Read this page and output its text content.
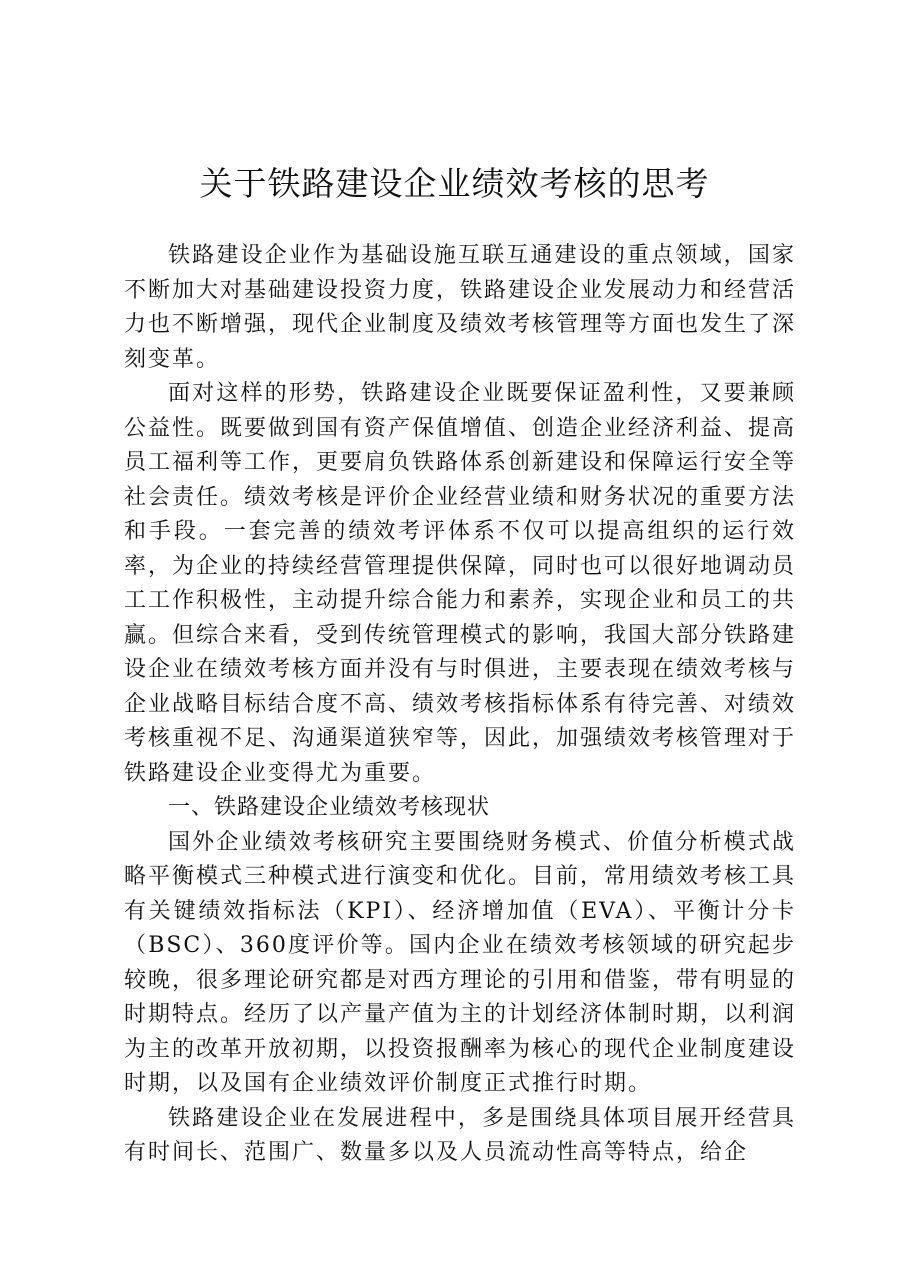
关于铁路建设企业绩效考核的思考

铁路建设企业作为基础设施互联互通建设的重点领域，国家不断加大对基础建设投资力度，铁路建设企业发展动力和经营活力也不断增强，现代企业制度及绩效考核管理等方面也发生了深刻变革。

面对这样的形势，铁路建设企业既要保证盈利性，又要兼顾公益性。既要做到国有资产保值增值、创造企业经济利益、提高员工福利等工作，更要肩负铁路体系创新建设和保障运行安全等社会责任。绩效考核是评价企业经营业绩和财务状况的重要方法和手段。一套完善的绩效考评体系不仅可以提高组织的运行效率，为企业的持续经营管理提供保障，同时也可以很好地调动员工工作积极性，主动提升综合能力和素养，实现企业和员工的共赢。但综合来看，受到传统管理模式的影响，我国大部分铁路建设企业在绩效考核方面并没有与时俱进，主要表现在绩效考核与企业战略目标结合度不高、绩效考核指标体系有待完善、对绩效考核重视不足、沟通渠道狭窄等，因此，加强绩效考核管理对于铁路建设企业变得尤为重要。

一、铁路建设企业绩效考核现状

国外企业绩效考核研究主要围绕财务模式、价值分析模式战略平衡模式三种模式进行演变和优化。目前，常用绩效考核工具有关键绩效指标法（KPI）、经济增加值（EVA）、平衡计分卡（BSC）、360度评价等。国内企业在绩效考核领域的研究起步较晚，很多理论研究都是对西方理论的引用和借鉴，带有明显的时期特点。经历了以产量产值为主的计划经济体制时期，以利润为主的改革开放初期，以投资报酬率为核心的现代企业制度建设时期，以及国有企业绩效评价制度正式推行时期。

铁路建设企业在发展进程中，多是围绕具体项目展开经营具有时间长、范围广、数量多以及人员流动性高等特点，给企
